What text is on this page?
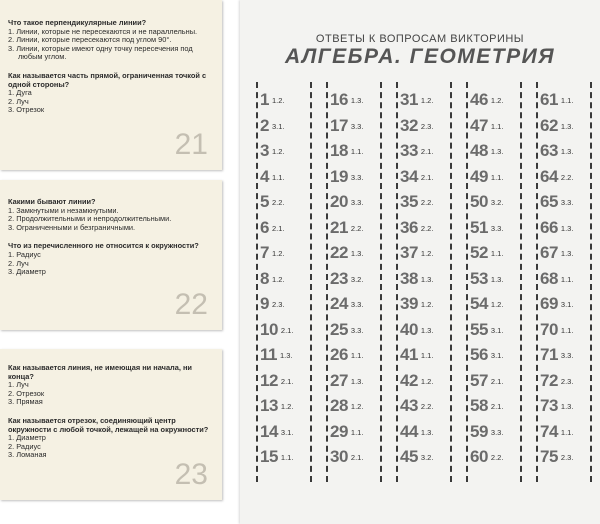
Что такое перпендикулярные линии?

1. Линии, которые не пересекаются и не параллельны.

2. Линии, которые пересекаются под углом 90°.

3. Линии, которые имеют одну точку пересечения под любым углом.

Как называется часть прямой, ограниченная точкой с одной стороны?

1. Дуга

2. Луч

3. Отрезок

21

Какими бывают линии?

1. Замкнутыми и незамкнутыми.

2. Продолжительными и непродолжительными.

3. Ограниченными и безграничными.

Что из перечисленного не относится к окружности?

1. Радиус

2. Луч

3. Диаметр

22

Как называется линия, не имеющая ни начала, ни конца?

1. Луч

2. Отрезок

3. Прямая

Как называется отрезок, соединяющий центр окружности с любой точкой, лежащей на окружности?

1. Диаметр

2. Радиус

3. Ломаная

23
ОТВЕТЫ К ВОПРОСАМ ВИКТОРИНЫ
АЛГЕБРА. ГЕОМЕТРИЯ
1 1.2.
2 3.1.
3 1.2.
4 1.1.
5 2.2.
6 2.1.
7 1.2.
8 1.2.
9 2.3.
10 2.1.
11 1.3.
12 2.1.
13 1.2.
14 3.1.
15 1.1.
16 1.3.
17 3.3.
18 1.1.
19 3.3.
20 3.3.
21 2.2.
22 1.3.
23 3.2.
24 3.3.
25 3.3.
26 1.1.
27 1.3.
28 1.2.
29 1.1.
30 2.1.
31 1.2.
32 2.3.
33 2.1.
34 2.1.
35 2.2.
36 2.2.
37 1.2.
38 1.3.
39 1.2.
40 1.3.
41 1.1.
42 1.2.
43 2.2.
44 1.3.
45 3.2.
46 1.2.
47 1.1.
48 1.3.
49 1.1.
50 3.2.
51 3.3.
52 1.1.
53 1.3.
54 1.2.
55 3.1.
56 3.1.
57 2.1.
58 2.1.
59 3.3.
60 2.2.
61 1.1.
62 1.3.
63 1.3.
64 2.2.
65 3.3.
66 1.3.
67 1.3.
68 1.1.
69 3.1.
70 1.1.
71 3.3.
72 2.3.
73 1.3.
74 1.1.
75 2.3.
